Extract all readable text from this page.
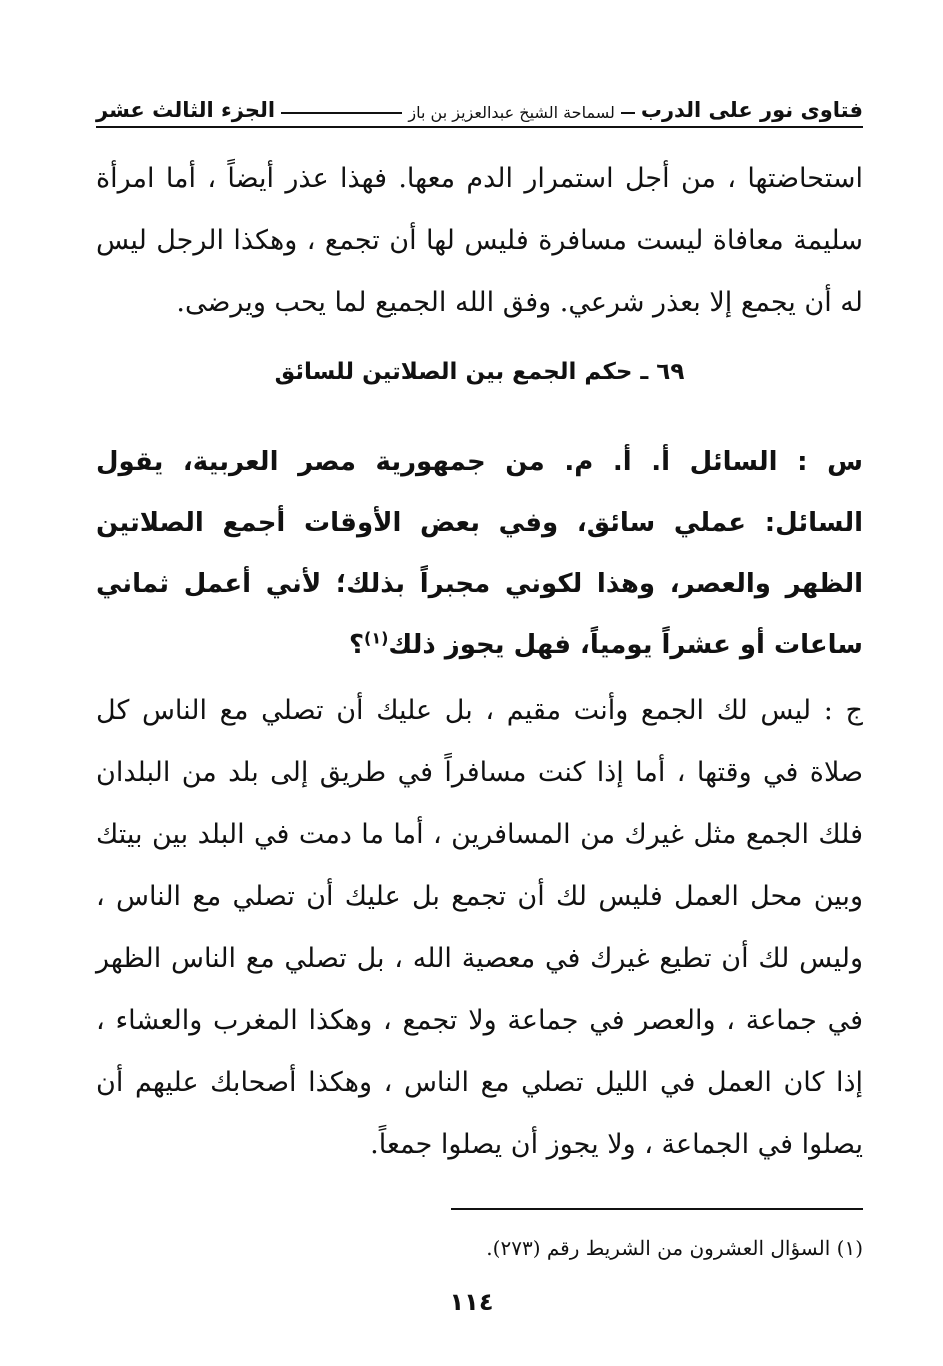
فتاوى نور على الدرب
لسماحة الشيخ عبدالعزيز بن باز
الجزء الثالث عشر

استحاضتها ، من أجل استمرار الدم معها. فهذا عذر أيضاً ، أما امرأة سليمة معافاة ليست مسافرة فليس لها أن تجمع ، وهكذا الرجل ليس له أن يجمع إلا بعذر شرعي. وفق الله الجميع لما يحب ويرضى.

٦٩ ـ حكم الجمع بين الصلاتين للسائق

س : السائل أ. أ. م. من جمهورية مصر العربية، يقول السائل: عملي سائق، وفي بعض الأوقات أجمع الصلاتين الظهر والعصر، وهذا لكوني مجبراً بذلك؛ لأني أعمل ثماني ساعات أو عشراً يومياً، فهل يجوز ذلك$^{(١)}$؟

ج : ليس لك الجمع وأنت مقيم ، بل عليك أن تصلي مع الناس كل صلاة في وقتها ، أما إذا كنت مسافراً في طريق إلى بلد من البلدان فلك الجمع مثل غيرك من المسافرين ، أما ما دمت في البلد بين بيتك وبين محل العمل فليس لك أن تجمع بل عليك أن تصلي مع الناس ، وليس لك أن تطيع غيرك في معصية الله ، بل تصلي مع الناس الظهر في جماعة ، والعصر في جماعة ولا تجمع ، وهكذا المغرب والعشاء ، إذا كان العمل في الليل تصلي مع الناس ، وهكذا أصحابك عليهم أن يصلوا في الجماعة ، ولا يجوز أن يصلوا جمعاً.

(١) السؤال العشرون من الشريط رقم (٢٧٣).

١١٤
